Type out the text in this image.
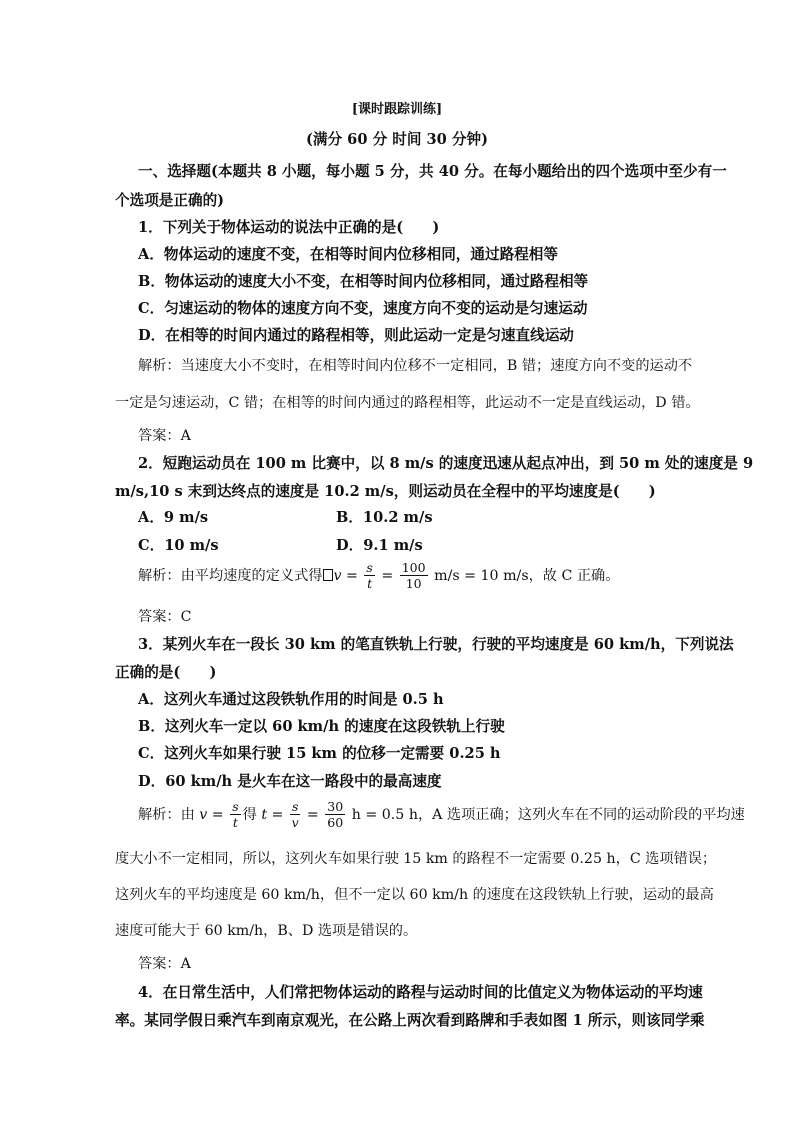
[课时跟踪训练]
(满分 60 分 时间 30 分钟)
一、选择题(本题共 8 小题，每小题 5 分，共 40 分。在每小题给出的四个选项中至少有一
个选项是正确的)
1．下列关于物体运动的说法中正确的是(　　)
A．物体运动的速度不变，在相等时间内位移相同，通过路程相等
B．物体运动的速度大小不变，在相等时间内位移相同，通过路程相等
C．匀速运动的物体的速度方向不变，速度方向不变的运动是匀速运动
D．在相等的时间内通过的路程相等，则此运动一定是匀速直线运动
解析：当速度大小不变时，在相等时间内位移不一定相同，B 错；速度方向不变的运动不
一定是匀速运动，C 错；在相等的时间内通过的路程相等，此运动不一定是直线运动，D 错。
答案：A
2．短跑运动员在 100 m 比赛中，以 8 m/s 的速度迅速从起点冲出，到 50 m 处的速度是 9
m/s,10 s 末到达终点的速度是 10.2 m/s，则运动员在全程中的平均速度是(　　)
A．9 m/s	B．10.2 m/s
C．10 m/s	D．9.1 m/s
解析：由平均速度的定义式得 $v = \frac{s}{t} = \frac{100}{10} m/s = 10$ m/s，故 C 正确。
答案：C
3．某列火车在一段长 30 km 的笔直铁轨上行驶，行驶的平均速度是 60 km/h，下列说法
正确的是(　　)
A．这列火车通过这段铁轨作用的时间是 0.5 h
B．这列火车一定以 60 km/h 的速度在这段铁轨上行驶
C．这列火车如果行驶 15 km 的位移一定需要 0.25 h
D．60 km/h 是火车在这一路段中的最高速度
解析：由 $v = \frac{s}{t}$ 得 $t = \frac{s}{v} = \frac{30}{60}$ h = 0.5 h，A 选项正确；这列火车在不同的运动阶段的平均速
度大小不一定相同，所以，这列火车如果行驶 15 km 的路程不一定需要 0.25 h，C 选项错误；
这列火车的平均速度是 60 km/h，但不一定以 60 km/h 的速度在这段铁轨上行驶，运动的最高
速度可能大于 60 km/h，B、D 选项是错误的。
答案：A
4．在日常生活中，人们常把物体运动的路程与运动时间的比值定义为物体运动的平均速
率。某同学假日乘汽车到南京观光，在公路上两次看到路牌和手表如图 1 所示，则该同学乘
